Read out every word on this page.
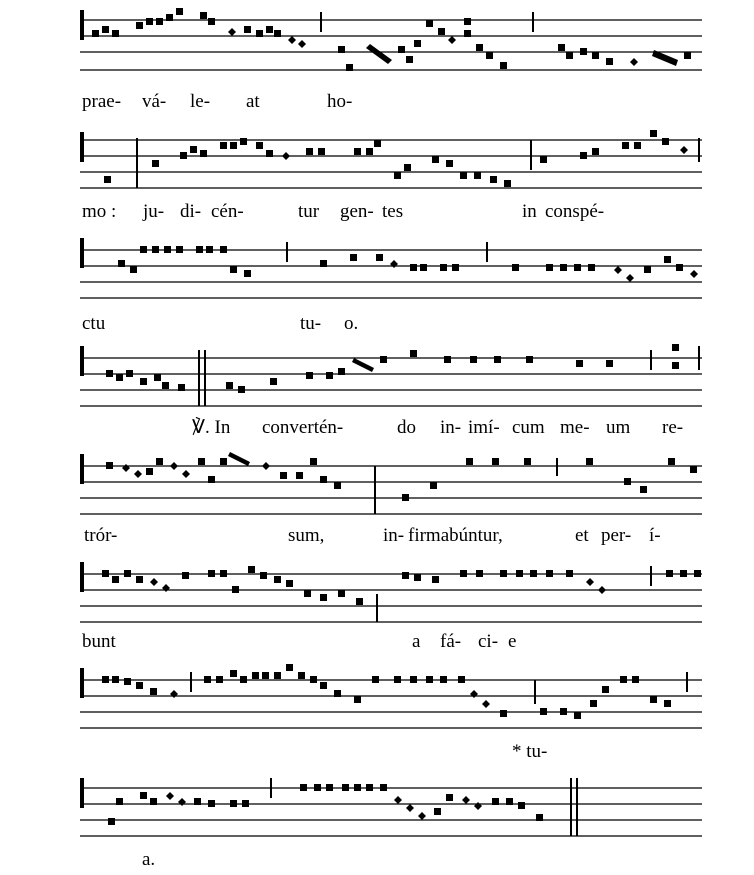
prae- vá- le- at	ho-
mo : ju- di- cén-	tur gen- tes	in conspé-
ctu	tu- o.
℣. In convertén-	do in- imí- cum me- um re-
trór-	sum,	in- firmabúntur,	et per- í-
bunt	a fá- ci- e
* tu-
a.
